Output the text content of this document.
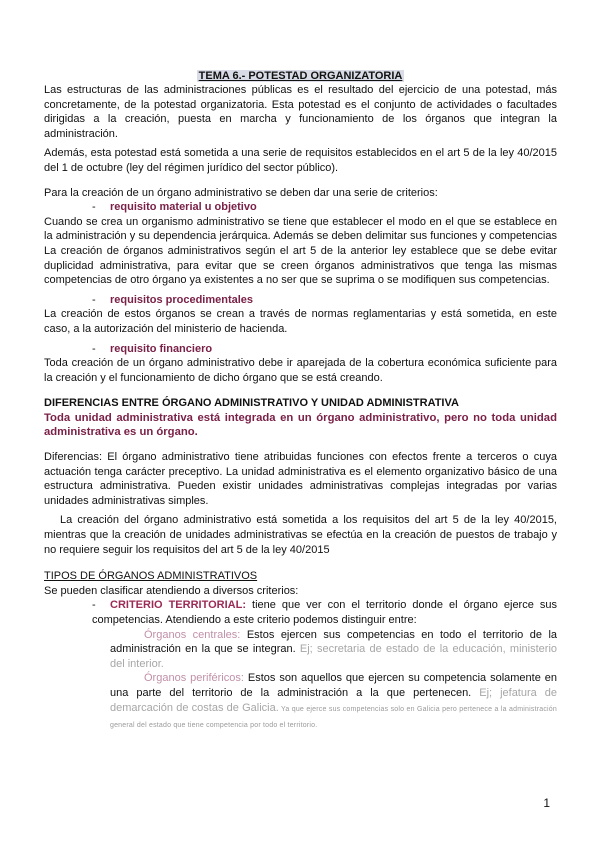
TEMA 6.- POTESTAD ORGANIZATORIA

Las estructuras de las administraciones públicas es el resultado del ejercicio de una potestad, más concretamente, de la potestad organizatoria. Esta potestad es el conjunto de actividades o facultades dirigidas a la creación, puesta en marcha y funcionamiento de los órganos que integran la administración.

Además, esta potestad está sometida a una serie de requisitos establecidos en el art 5 de la ley 40/2015 del 1 de octubre (ley del régimen jurídico del sector público).

Para la creación de un órgano administrativo se deben dar una serie de criterios:

- requisito material u objetivo

Cuando se crea un organismo administrativo se tiene que establecer el modo en el que se establece en la administración y su dependencia jerárquica. Además se deben delimitar sus funciones y competencias La creación de órganos administrativos según el art 5 de la anterior ley establece que se debe evitar duplicidad administrativa, para evitar que se creen órganos administrativos que tenga las mismas competencias de otro órgano ya existentes a no ser que se suprima o se modifiquen sus competencias.

- requisitos procedimentales

La creación de estos órganos se crean a través de normas reglamentarias y está sometida, en este caso, a la autorización del ministerio de hacienda.

- requisito financiero

Toda creación de un órgano administrativo debe ir aparejada de la cobertura económica suficiente para la creación y el funcionamiento de dicho órgano que se está creando.

DIFERENCIAS ENTRE ÓRGANO ADMINISTRATIVO Y UNIDAD ADMINISTRATIVA
Toda unidad administrativa está integrada en un órgano administrativo, pero no toda unidad administrativa es un órgano.

Diferencias: El órgano administrativo tiene atribuidas funciones con efectos frente a terceros o cuya actuación tenga carácter preceptivo. La unidad administrativa es el elemento organizativo básico de una estructura administrativa. Pueden existir unidades administrativas complejas integradas por varias unidades administrativas simples.

La creación del órgano administrativo está sometida a los requisitos del art 5 de la ley 40/2015, mientras que la creación de unidades administrativas se efectúa en la creación de puestos de trabajo y no requiere seguir los requisitos del art 5 de la ley 40/2015

TIPOS DE ÓRGANOS ADMINISTRATIVOS

Se pueden clasificar atendiendo a diversos criterios:

- CRITERIO TERRITORIAL: tiene que ver con el territorio donde el órgano ejerce sus competencias. Atendiendo a este criterio podemos distinguir entre:
Órganos centrales: Estos ejercen sus competencias en todo el territorio de la administración en la que se integran. Ej; secretaria de estado de la educación, ministerio del interior.
Órganos periféricos: Estos son aquellos que ejercen su competencia solamente en una parte del territorio de la administración a la que pertenecen. Ej; jefatura de demarcación de costas de Galicia. Ya que ejerce sus competencias solo en Galicia pero pertenece a la administración general del estado que tiene competencia por todo el territorio.
1
